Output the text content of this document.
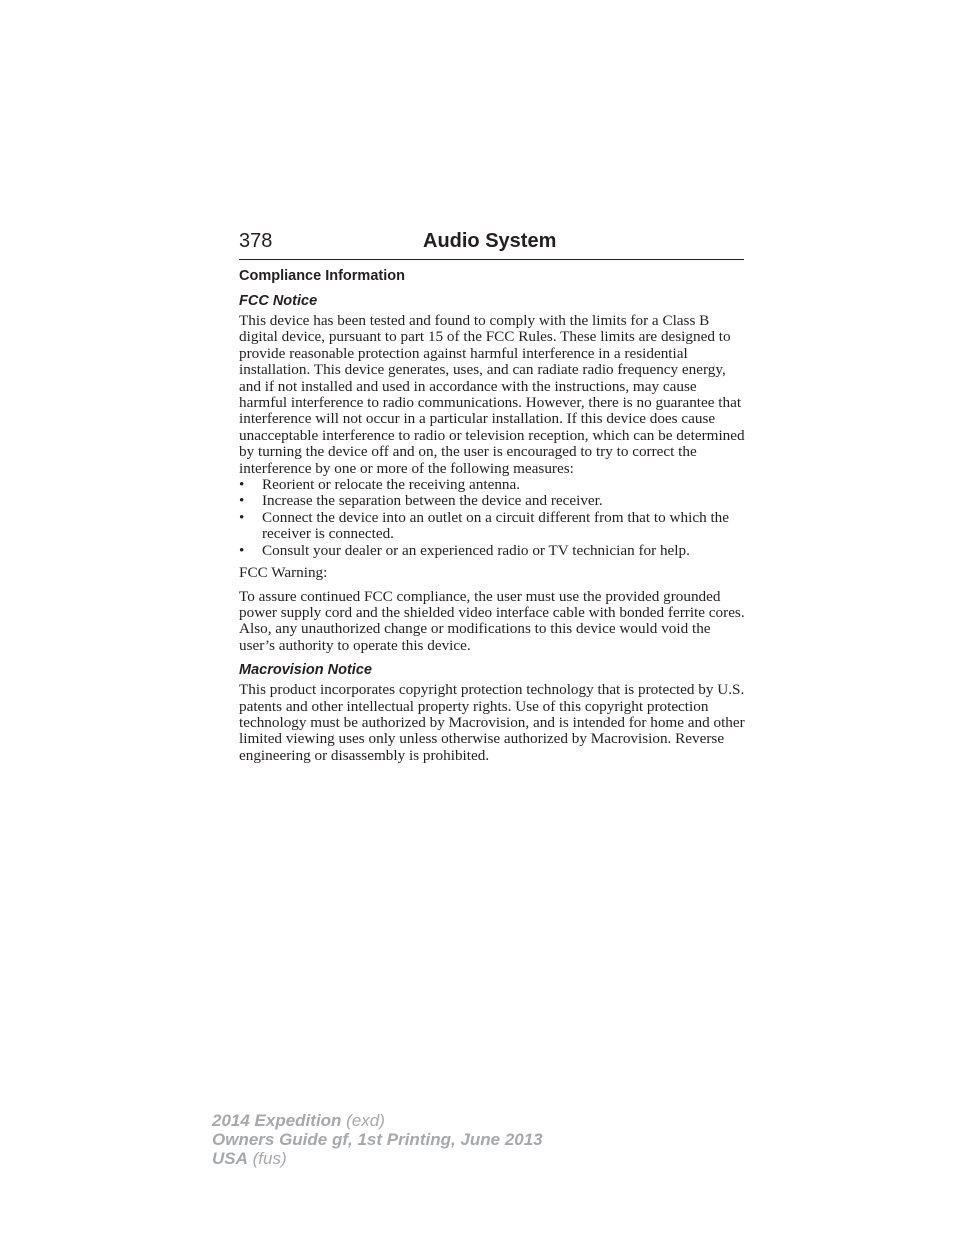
378	Audio System
Compliance Information
FCC Notice

This device has been tested and found to comply with the limits for a Class B digital device, pursuant to part 15 of the FCC Rules. These limits are designed to provide reasonable protection against harmful interference in a residential installation. This device generates, uses, and can radiate radio frequency energy, and if not installed and used in accordance with the instructions, may cause harmful interference to radio communications. However, there is no guarantee that interference will not occur in a particular installation. If this device does cause unacceptable interference to radio or television reception, which can be determined by turning the device off and on, the user is encouraged to try to correct the interference by one or more of the following measures:

• Reorient or relocate the receiving antenna.
• Increase the separation between the device and receiver.
• Connect the device into an outlet on a circuit different from that to which the receiver is connected.
• Consult your dealer or an experienced radio or TV technician for help.

FCC Warning:

To assure continued FCC compliance, the user must use the provided grounded power supply cord and the shielded video interface cable with bonded ferrite cores. Also, any unauthorized change or modifications to this device would void the user’s authority to operate this device.

Macrovision Notice

This product incorporates copyright protection technology that is protected by U.S. patents and other intellectual property rights. Use of this copyright protection technology must be authorized by Macrovision, and is intended for home and other limited viewing uses only unless otherwise authorized by Macrovision. Reverse engineering or disassembly is prohibited.

2014 Expedition (exd)
Owners Guide gf, 1st Printing, June 2013
USA (fus)
